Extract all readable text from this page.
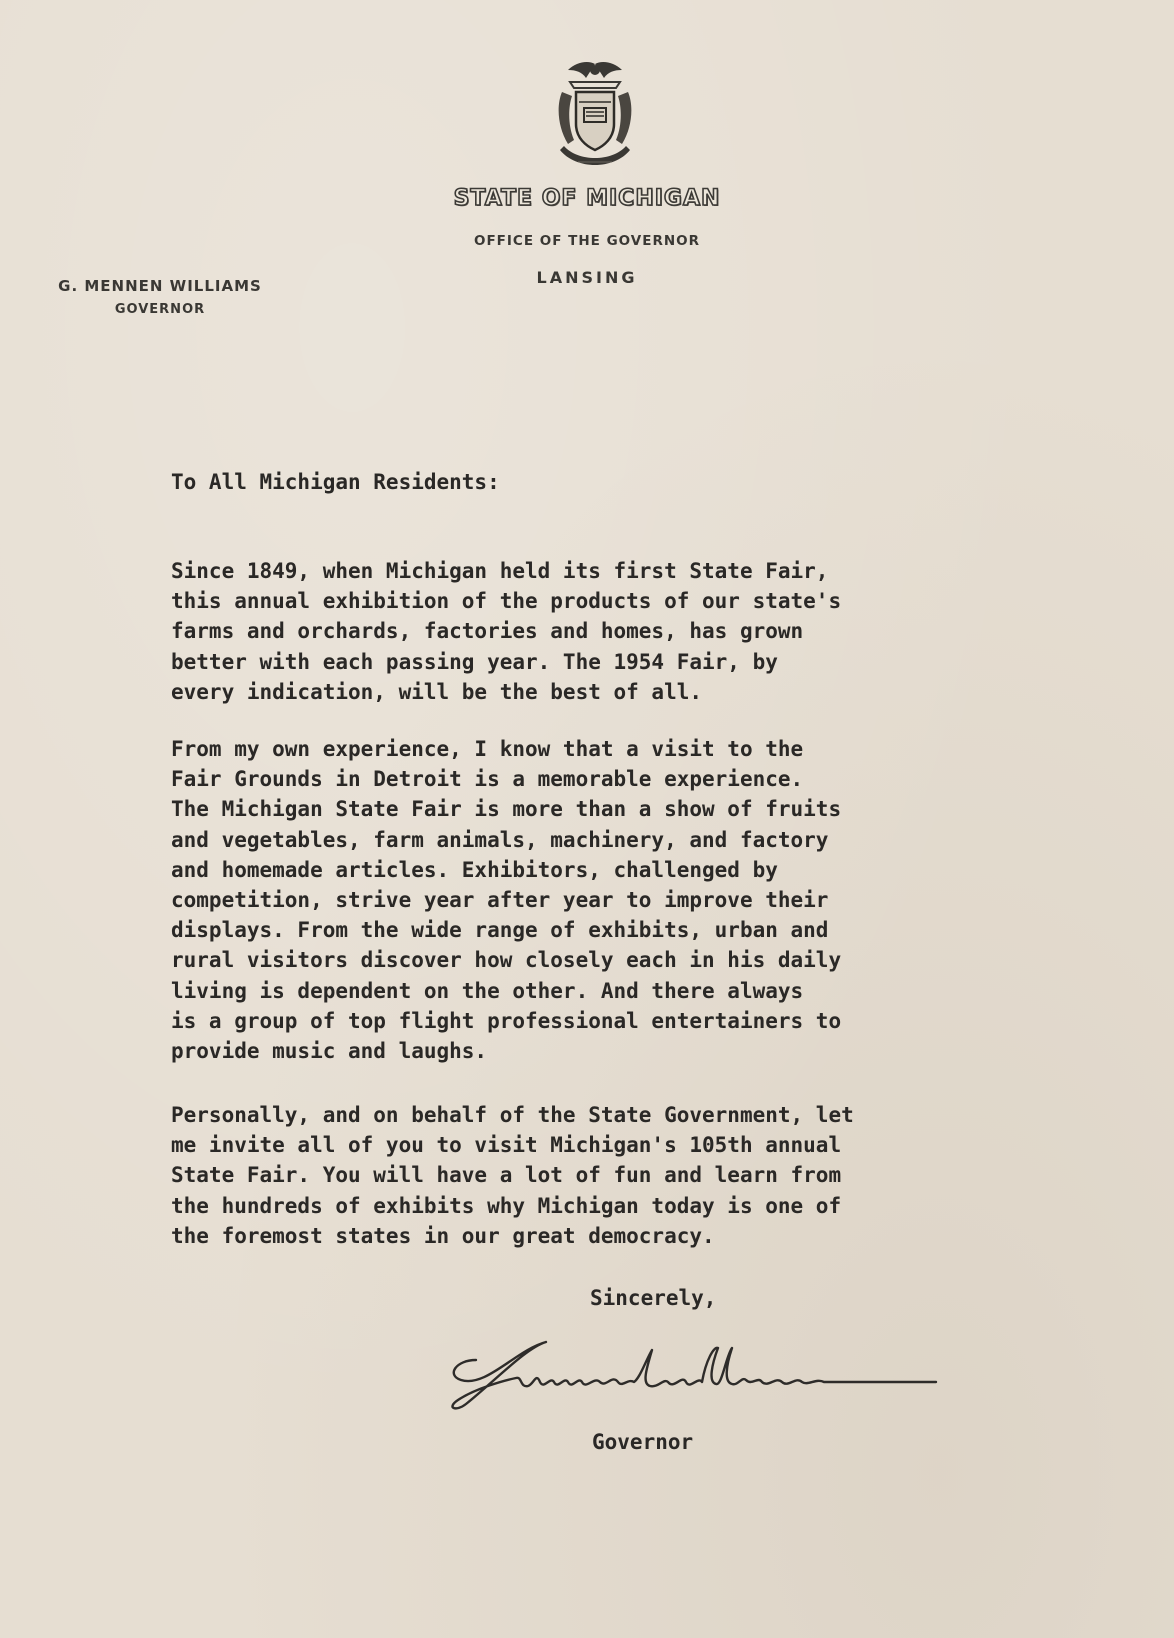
STATE OF MICHIGAN
OFFICE OF THE GOVERNOR
LANSING
G. MENNEN WILLIAMS
GOVERNOR
To All Michigan Residents:

Since 1849, when Michigan held its first State Fair,
this annual exhibition of the products of our state's
farms and orchards, factories and homes, has grown
better with each passing year. The 1954 Fair, by
every indication, will be the best of all.

From my own experience, I know that a visit to the
Fair Grounds in Detroit is a memorable experience.
The Michigan State Fair is more than a show of fruits
and vegetables, farm animals, machinery, and factory
and homemade articles. Exhibitors, challenged by
competition, strive year after year to improve their
displays. From the wide range of exhibits, urban and
rural visitors discover how closely each in his daily
living is dependent on the other. And there always
is a group of top flight professional entertainers to
provide music and laughs.

Personally, and on behalf of the State Government, let
me invite all of you to visit Michigan's 105th annual
State Fair. You will have a lot of fun and learn from
the hundreds of exhibits why Michigan today is one of
the foremost states in our great democracy.

Sincerely,
Governor
